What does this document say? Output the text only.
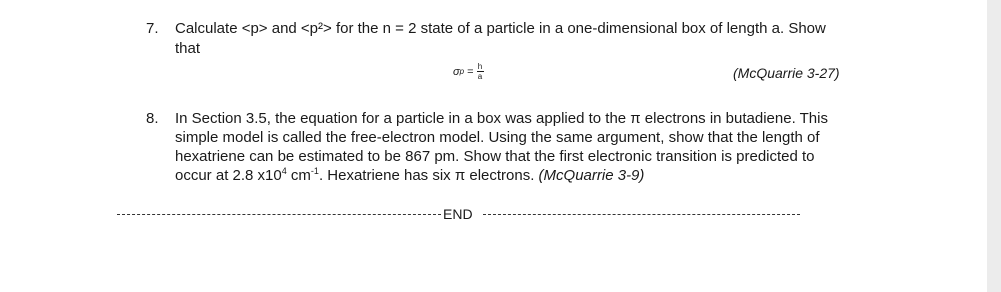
7. Calculate <p> and <p²> for the n = 2 state of a particle in a one-dimensional box of length a. Show
that
σ $p = \frac{h}{a}$	(McQuarrie 3-27)
8. In Section 3.5, the equation for a particle in a box was applied to the π electrons in butadiene. This
simple model is called the free-electron model. Using the same argument, show that the length of
hexatriene can be estimated to be 867 pm. Show that the first electronic transition is predicted to
occur at 2.8 $x10^4$ $cm^{-1}$. Hexatriene has six π electrons. (McQuarrie 3-9)
END
